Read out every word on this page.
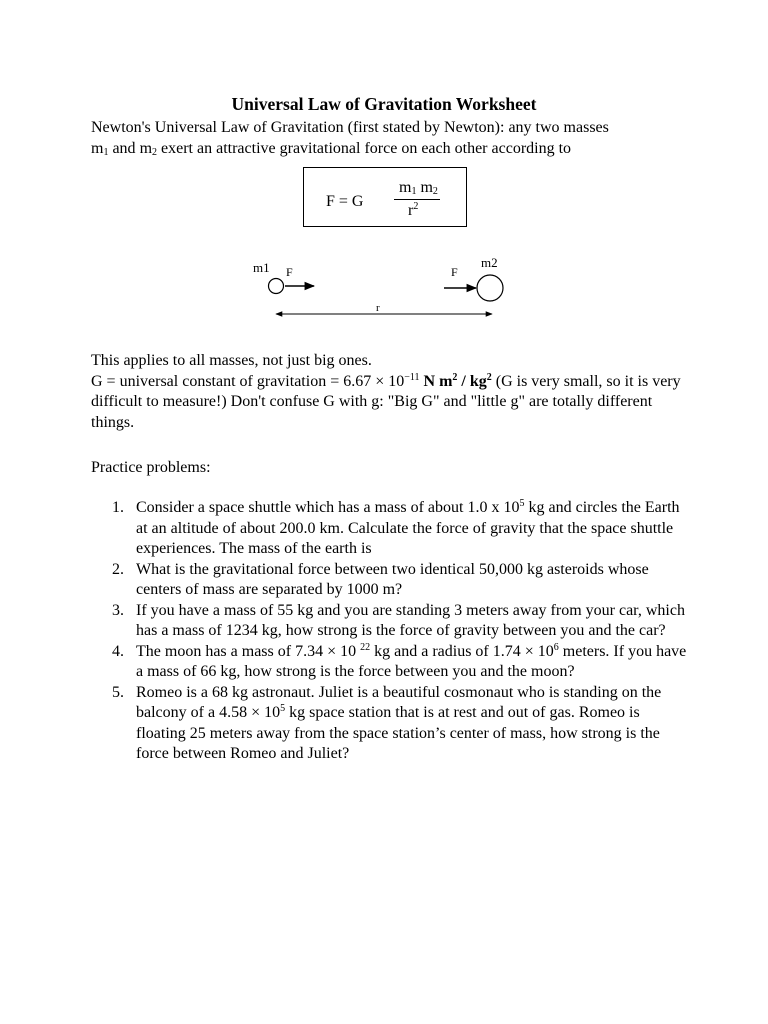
Universal Law of Gravitation Worksheet

Newton's Universal Law of Gravitation (first stated by Newton): any two masses
$m_1$ and $m_2$ exert an attractive gravitational force on each other according to

F = G
$m_1$ $m_2$
$r^2$
m1 F	F
m2
r

This applies to all masses, not just big ones.

G = universal constant of gravitation = $6.67 \times 10^{-11}$ N $m^2 / kg^2$ (G is very small, so it is very difficult to measure!) Don't confuse G with g: "Big G" and "little g" are totally different things.

Practice problems:

1. Consider a space shuttle which has a mass of about 1.0 x $10^5$ kg and circles the Earth at an altitude of about 200.0 km. Calculate the force of gravity that the space shuttle experiences. The mass of the earth is
2. What is the gravitational force between two identical 50,000 kg asteroids whose centers of mass are separated by 1000 m?
3. If you have a mass of 55 kg and you are standing 3 meters away from your car, which has a mass of 1234 kg, how strong is the force of gravity between you and the car?
4. The moon has a mass of 7.34 × 10 $^{22}$ kg and a radius of $1.74 \times 10^6$ meters. If you have a mass of 66 kg, how strong is the force between you and the moon?
5. Romeo is a 68 kg astronaut. Juliet is a beautiful cosmonaut who is standing on the balcony of a $4.58 \times 10^5$ kg space station that is at rest and out of gas. Romeo is floating 25 meters away from the space station’s center of mass, how strong is the force between Romeo and Juliet?
